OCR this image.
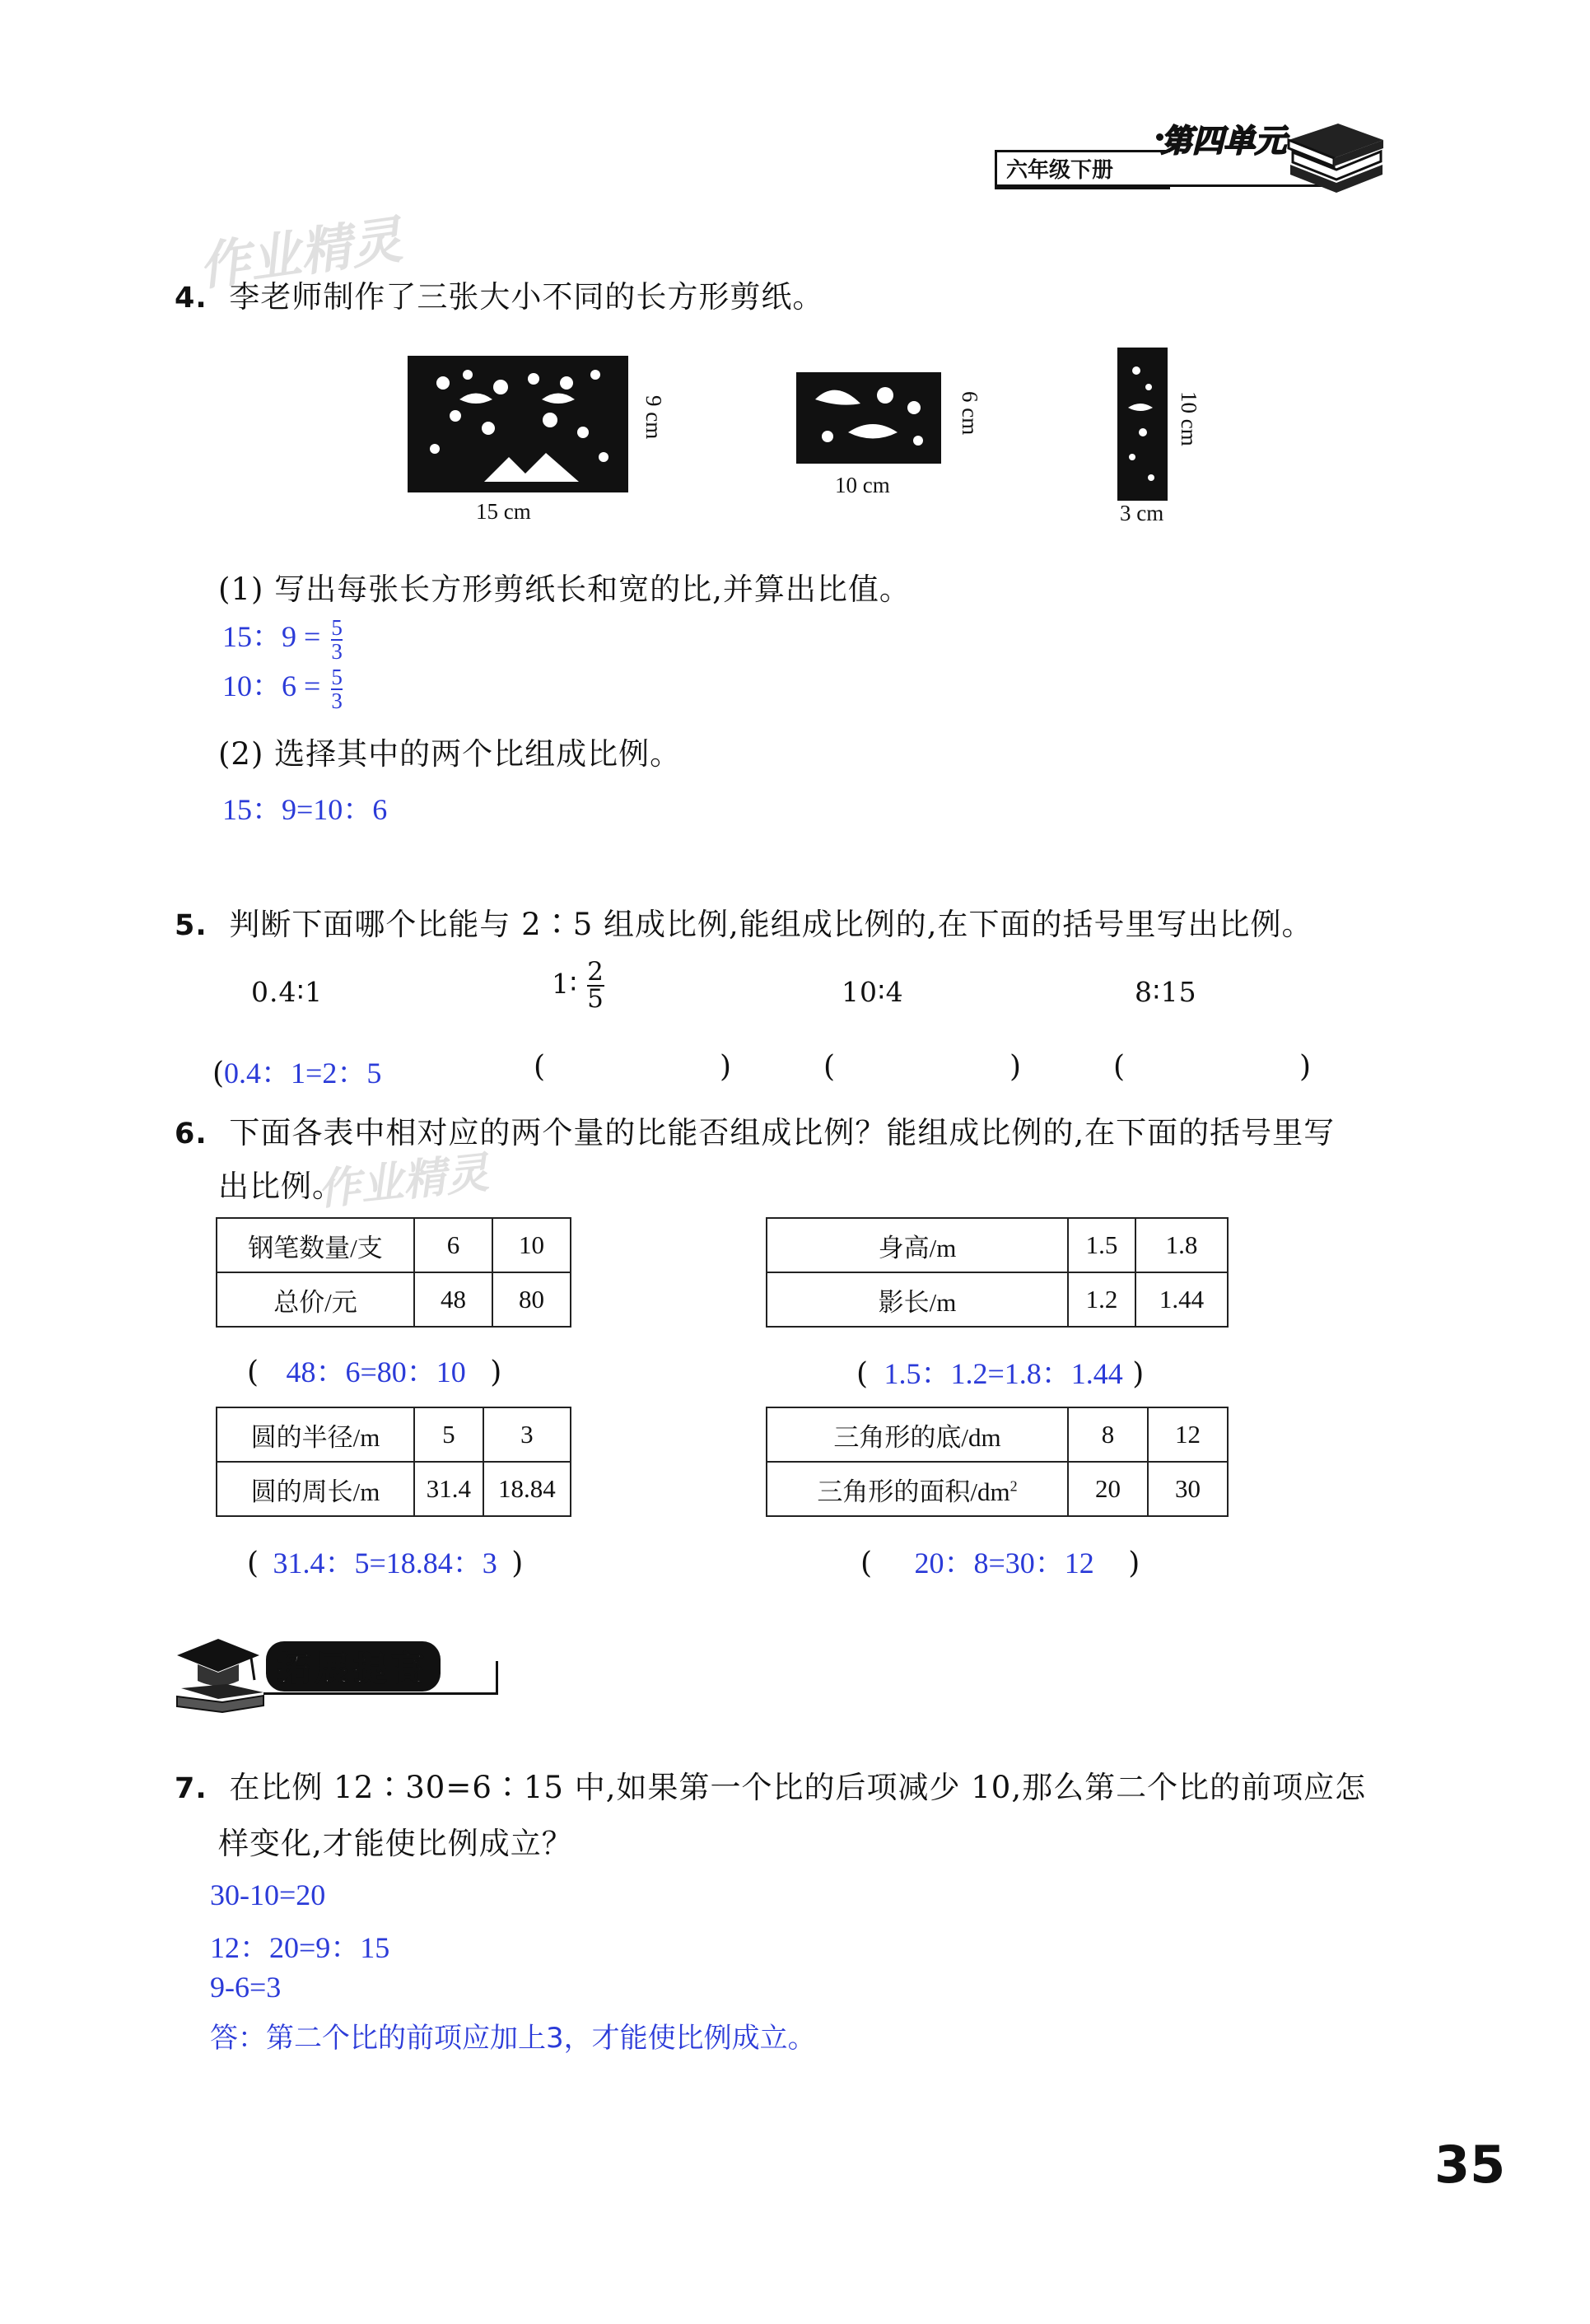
六年级下册
第四单元
作业精灵
4. 李老师制作了三张大小不同的长方形剪纸。
9 cm
15 cm
6 cm
10 cm
10 cm
3 cm
(1) 写出每张长方形剪纸长和宽的比,并算出比值。
15：$9 = \frac{5}{3}$
10：$6 = \frac{5}{3}$
(2) 选择其中的两个比组成比例。
15：9=10：6
5. 判断下面哪个比能与 2∶5 组成比例,能组成比例的,在下面的括号里写出比例。
0.4∶1	1∶ $\frac{2}{5}$	10∶4	8∶15
(0.4：1=2：5	(	)	(	)	(	)
6. 下面各表中相对应的两个量的比能否组成比例？能组成比例的,在下面的括号里写
出比例。
作业精灵
钢笔数量/支	6	10
总价/元	48	80
( 48：6=80：10 )
身高/m	1.5	1.8
影长/m	1.2	1.44
( 1.5：1.2=1.8：1.44 )
圆的半径/m	5	3
圆的周长/m	31.4	18.84
( 31.4：5=18.84：3 )
三角形的底/dm	8	12
三角形的面积$/dm^2$	20	30
( 20：8=30：12 )
拓展提高
7. 在比例 12∶30=6∶15 中,如果第一个比的后项减少 10,那么第二个比的前项应怎
样变化,才能使比例成立？
30-10=20
12：20=9：15
9-6=3
答：第二个比的前项应加上3，才能使比例成立。
35
